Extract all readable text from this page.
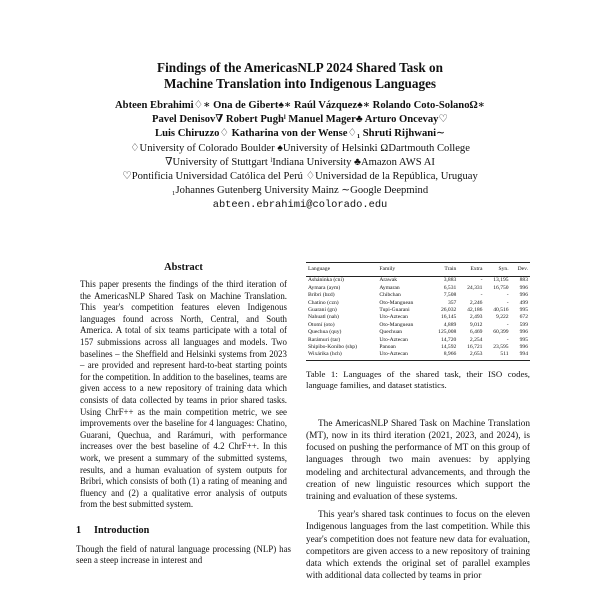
Findings of the AmericasNLP 2024 Shared Task on
Machine Translation into Indigenous Languages
Abteen Ebrahimi♢∗ Ona de Gibert♠∗ Raúl Vázquez♠∗ Rolando Coto-SolanoΩ∗
Pavel Denisov∇ Robert Pughˡ Manuel Mager♣ Arturo Oncevay♡
Luis Chiruzzo♢ Katharina von der Wense♢₁ Shruti Rijhwani∼
♢University of Colorado Boulder ♠University of Helsinki ΩDartmouth College
∇University of Stuttgart ˡIndiana University ♣Amazon AWS AI
♡Pontificia Universidad Católica del Perú ♢Universidad de la República, Uruguay
₁Johannes Gutenberg University Mainz ∼Google Deepmind
abteen.ebrahimi@colorado.edu
Abstract
This paper presents the findings of the third iteration of the AmericasNLP Shared Task on Machine Translation. This year's competition features eleven Indigenous languages found across North, Central, and South America. A total of six teams participate with a total of 157 submissions across all languages and models. Two baselines – the Sheffield and Helsinki systems from 2023 – are provided and represent hard-to-beat starting points for the competition. In addition to the baselines, teams are given access to a new repository of training data which consists of data collected by teams in prior shared tasks. Using ChrF++ as the main competition metric, we see improvements over the baseline for 4 languages: Chatino, Guarani, Quechua, and Rarámuri, with performance increases over the best baseline of 4.2 ChrF++. In this work, we present a summary of the submitted systems, results, and a human evaluation of system outputs for Bribri, which consists of both (1) a rating of meaning and fluency and (2) a qualitative error analysis of outputs from the best submitted system.
1 Introduction
Though the field of natural language processing (NLP) has seen a steep increase in interest and
Language	Family	Train	Extra	Syn.	Dev.
Asháninka (cni)	Arawak	3,883	-	13,195	883
Aymara (aym)	Aymaran	6,531	24,331	16,750	996
Bribri (bzd)	Chibchan	7,508	-	-	996
Chatino (czn)	Oto-Manguean	357	2,246	-	499
Guarani (gn)	Tupi-Guarani	26,032	42,186	40,516	995
Nahuatl (nah)	Uto-Aztecan	16,145	2,493	9,222	672
Otomí (oto)	Oto-Manguean	4,889	9,012	-	599
Quechua (quy)	Quechuan	125,008	6,469	60,399	996
Rarámuri (tar)	Uto-Aztecan	14,720	2,254	-	995
Shipibo-Konibo (shp)	Panoan	14,592	16,721	23,595	996
Wixárika (hch)	Uto-Aztecan	8,966	2,653	511	994
Table 1: Languages of the shared task, their ISO codes, language families, and dataset statistics.

The AmericasNLP Shared Task on Machine Translation (MT), now in its third iteration (2021, 2023, and 2024), is focused on pushing the performance of MT on this group of languages through two main avenues: by applying modeling and architectural advancements, and through the creation of new linguistic resources which support the training and evaluation of these systems.

This year's shared task continues to focus on the eleven Indigenous languages from the last competition. While this year's competition does not feature new data for evaluation, competitors are given access to a new repository of training data which extends the original set of parallel examples with additional data collected by teams in prior
